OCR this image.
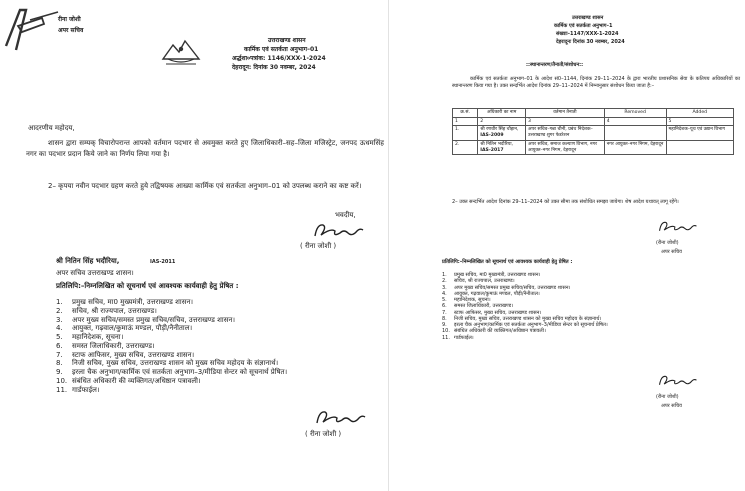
रीना जोशी
अपर सचिव
उत्तराखण्ड शासन
कार्मिक एवं सतर्कता अनुभाग–01
अर्द्धशा०पत्रांक: 1146/XXX-1-2024
देहरादून: दिनांक 30 नवम्बर, 2024
आदरणीय महोदय,
शासन द्वारा सम्यक् विचारोपरान्त आपको वर्तमान पदभार से अवमुक्त करते हुए जिलाधिकारी–सह–जिला मजिस्ट्रेट, जनपद ऊधमसिंह नगर का पदभार प्रदान किये जाने का निर्णय लिया गया है।
2– कृपया नवीन पदभार ग्रहण करते हुये तद्विषयक आख्या कार्मिक एवं सतर्कता अनुभाग–01 को उपलब्ध कराने का कष्ट करें।
भवदीय,
( रीना जोशी )
श्री नितिन सिंह भदौरिया,	IAS-2011
अपर सचिव उत्तराखण्ड शासन।
प्रतिलिपि:–निम्नलिखित को सूचनार्थ एवं आवश्यक कार्यवाही हेतु प्रेषित :
1.	प्रमुख सचिव, मा0 मुख्यमंत्री, उत्तराखण्ड शासन।
2.	सचिव, श्री राज्यपाल, उत्तराखण्ड।
3.	अपर मुख्य सचिव/समस्त प्रमुख सचिव/सचिव, उत्तराखण्ड शासन।
4.	आयुक्त, गढ़वाल/कुमाऊं मण्डल, पौड़ी/नैनीताल।
5.	महानिदेशक, सूचना।
6.	समस्त जिलाधिकारी, उत्तराखण्ड।
7.	स्टाफ आफिसर, मुख्य सचिव, उत्तराखण्ड शासन।
8.	निजी सचिव, मुख्य सचिव, उत्तराखण्ड शासन को मुख्य सचिव महोदय के संज्ञानार्थ।
9.	इरला चैक अनुभाग/कार्मिक एवं सतर्कता अनुभाग–3/मीडिया सेन्टर को सूचनार्थ प्रेषित।
10. संबंधित अधिकारी की व्यक्तिगत/अधिष्ठान पत्रावली।
11. गार्डफाईल।
( रीना जोशी )
उत्तराखण्ड शासन
कार्मिक एवं सतर्कता अनुभाग–1
संख्याः–1147/XXX-1-2024
देहरादूनः दिनांक 30 नवम्बर, 2024
::स्थानान्तरण/तैनाती/संशोधन::
कार्मिक एवं सतर्कता अनुभाग–01 के आदेश सं0–1144, दिनांक 29–11–2024 के द्वारा भारतीय प्रशासनिक सेवा के कतिपय अधिकारियों का स्थानान्तरण किया गया है। उक्त सन्दर्भित आदेश दिनांक 29–11–2024 में निम्नानुसार संशोधन किया जाता है:–
क्र.सं.	अधिकारी का नाम	वर्तमान तैनाती	Removed	Added
1	2	3	4	5
1.	श्री रणवीर सिंह चौहान,
IAS-2009	अपर सचिव–गन्ना चीनी, प्रबंध निदेशक–उत्तराखण्ड शुगर फेडरेशन		महानिदेशक–यूथ एवं उद्यान विभाग
2.	श्री नितिन भदौरिया,
IAS-2017	अपर सचिव, समाज कल्याण विभाग, नगर आयुक्त–नगर निगम, देहरादून	नगर आयुक्त–नगर निगम, देहरादून	
2– उक्त सन्दर्भित आदेश दिनांक 29–11–2024 को उक्त सीमा तक संशोधित समझा जायेगा। शेष आदेश यथावत् लागू रहेंगे।
(रीना जोशी)
अपर सचिव
प्रतिलिपि:–निम्नलिखित को सूचनार्थ एवं आवश्यक कार्यवाही हेतु प्रेषित :
1.	प्रमुख सचिव, मा0 मुख्यमंत्री, उत्तराखण्ड शासन।
2.	सचिव, श्री राज्यपाल, उत्तराखण्ड।
3.	अपर मुख्य सचिव/समस्त प्रमुख सचिव/सचिव, उत्तराखण्ड शासन।
4.	आयुक्त, गढ़वाल/कुमाऊं मण्डल, पौड़ी/नैनीताल।
5.	महानिदेशक, सूचना।
6.	समस्त जिलाधिकारी, उत्तराखण्ड।
7.	स्टाफ आफिसर, मुख्य सचिव, उत्तराखण्ड शासन।
8.	निजी सचिव, मुख्य सचिव, उत्तराखण्ड शासन को मुख्य सचिव महोदय के संज्ञानार्थ।
9.	इरला चैक अनुभाग/कार्मिक एवं सतर्कता अनुभाग–3/मीडिया सेन्टर को सूचनार्थ प्रेषित।
10. संबंधित अधिकारी की व्यक्तिगत/अधिष्ठान पत्रावली।
11. गार्डफाईल।
(रीना जोशी)
अपर सचिव
